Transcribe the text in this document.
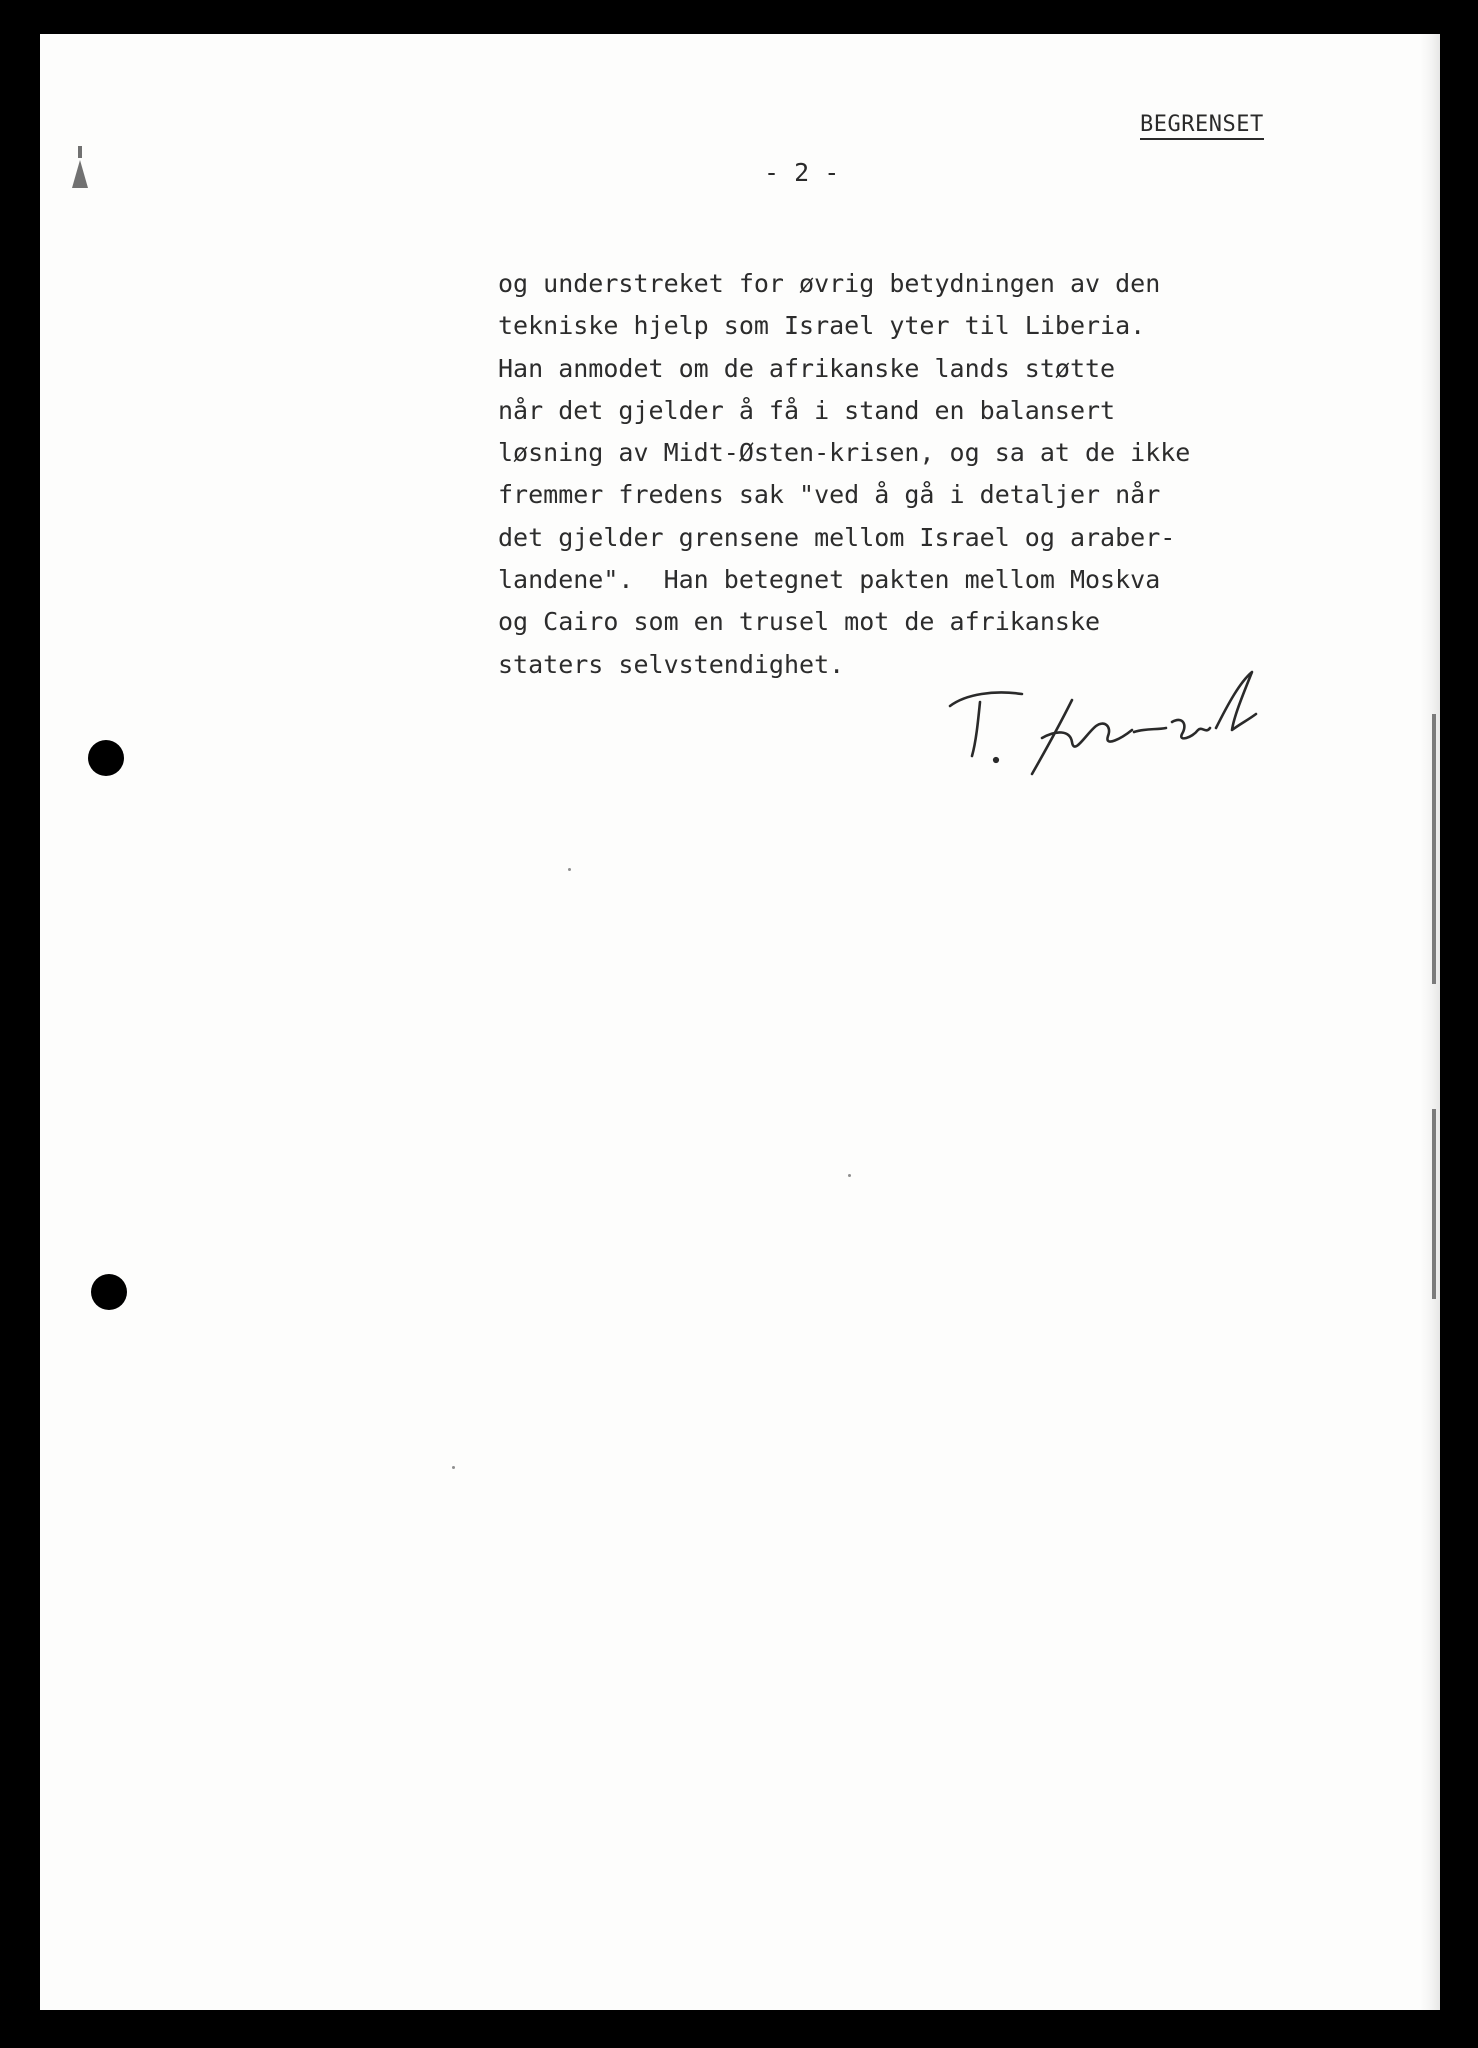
BEGRENSET

- 2 -

og understreket for øvrig betydningen av den
tekniske hjelp som Israel yter til Liberia.
Han anmodet om de afrikanske lands støtte
når det gjelder å få i stand en balansert
løsning av Midt-Østen-krisen, og sa at de ikke
fremmer fredens sak "ved å gå i detaljer når
det gjelder grensene mellom Israel og araber-
landene".  Han betegnet pakten mellom Moskva
og Cairo som en trusel mot de afrikanske
staters selvstendighet.
